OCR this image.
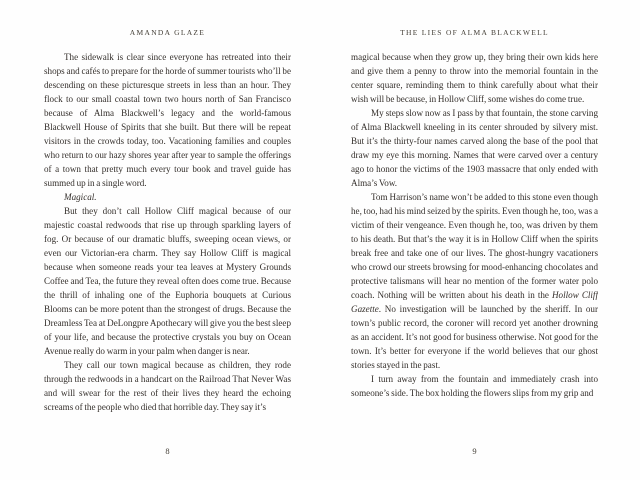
AMANDA GLAZE

The sidewalk is clear since everyone has retreated into their shops and cafés to prepare for the horde of summer tourists who’ll be descending on these picturesque streets in less than an hour. They flock to our small coastal town two hours north of San Francisco because of Alma Blackwell’s legacy and the world-famous Blackwell House of Spirits that she built. But there will be repeat visitors in the crowds today, too. Vacationing families and couples who return to our hazy shores year after year to sample the offerings of a town that pretty much every tour book and travel guide has summed up in a single word.

Magical.

But they don’t call Hollow Cliff magical because of our majestic coastal redwoods that rise up through sparkling layers of fog. Or because of our dramatic bluffs, sweeping ocean views, or even our Victorian-era charm. They say Hollow Cliff is magical because when someone reads your tea leaves at Mystery Grounds Coffee and Tea, the future they reveal often does come true. Because the thrill of inhaling one of the Euphoria bouquets at Curious Blooms can be more potent than the strongest of drugs. Because the Dreamless Tea at DeLongpre Apothecary will give you the best sleep of your life, and because the protective crystals you buy on Ocean Avenue really do warm in your palm when danger is near.

They call our town magical because as children, they rode through the redwoods in a handcart on the Railroad That Never Was and will swear for the rest of their lives they heard the echoing screams of the people who died that horrible day. They say it’s

8
THE LIES OF ALMA BLACKWELL

magical because when they grow up, they bring their own kids here and give them a penny to throw into the memorial fountain in the center square, reminding them to think carefully about what their wish will be because, in Hollow Cliff, some wishes do come true.

My steps slow now as I pass by that fountain, the stone carving of Alma Blackwell kneeling in its center shrouded by silvery mist. But it’s the thirty-four names carved along the base of the pool that draw my eye this morning. Names that were carved over a century ago to honor the victims of the 1903 massacre that only ended with Alma’s Vow.

Tom Harrison’s name won’t be added to this stone even though he, too, had his mind seized by the spirits. Even though he, too, was a victim of their vengeance. Even though he, too, was driven by them to his death. But that’s the way it is in Hollow Cliff when the spirits break free and take one of our lives. The ghost-hungry vacationers who crowd our streets browsing for mood-enhancing chocolates and protective talismans will hear no mention of the former water polo coach. Nothing will be written about his death in the Hollow Cliff Gazette. No investigation will be launched by the sheriff. In our town’s public record, the coroner will record yet another drowning as an accident. It’s not good for business otherwise. Not good for the town. It’s better for everyone if the world believes that our ghost stories stayed in the past.

I turn away from the fountain and immediately crash into someone’s side. The box holding the flowers slips from my grip and

9
